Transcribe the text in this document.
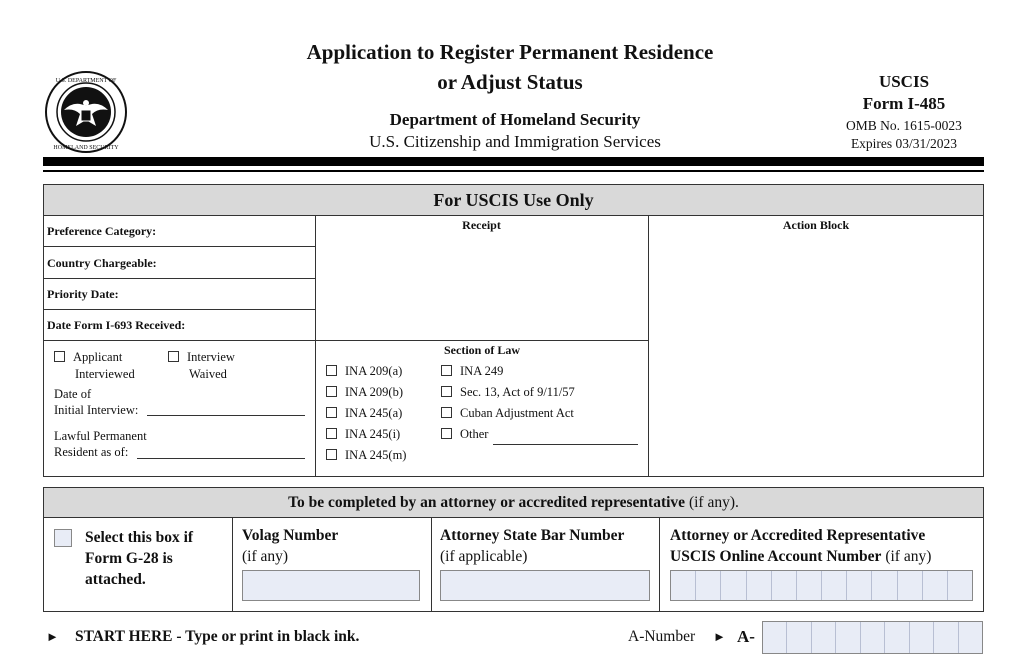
U.S. DEPARTMENT OF
HOMELAND SECURITY
Application to Register Permanent Residence
or Adjust Status
Department of Homeland Security
U.S. Citizenship and Immigration Services
USCIS
Form I-485
OMB No. 1615-0023
Expires 03/31/2023
For USCIS Use Only
Preference Category:
Country Chargeable:
Priority Date:
Date Form I-693 Received:
Receipt	Action Block
Applicant
Interviewed
Interview
Waived
Date of
Initial Interview:
Lawful Permanent
Resident as of:
Section of Law
INA 209(a)
INA 209(b)
INA 245(a)
INA 245(i)
INA 245(m)
INA 249
Sec. 13, Act of 9/11/57
Cuban Adjustment Act
Other
To be completed by an attorney or accredited representative (if any).
Select this box if
Form G-28 is
attached.
Volag Number
(if any)
Attorney State Bar Number
(if applicable)
Attorney or Accredited Representative
USCIS Online Account Number (if any)
► START HERE - Type or print in black ink.	A-Number ► A-
